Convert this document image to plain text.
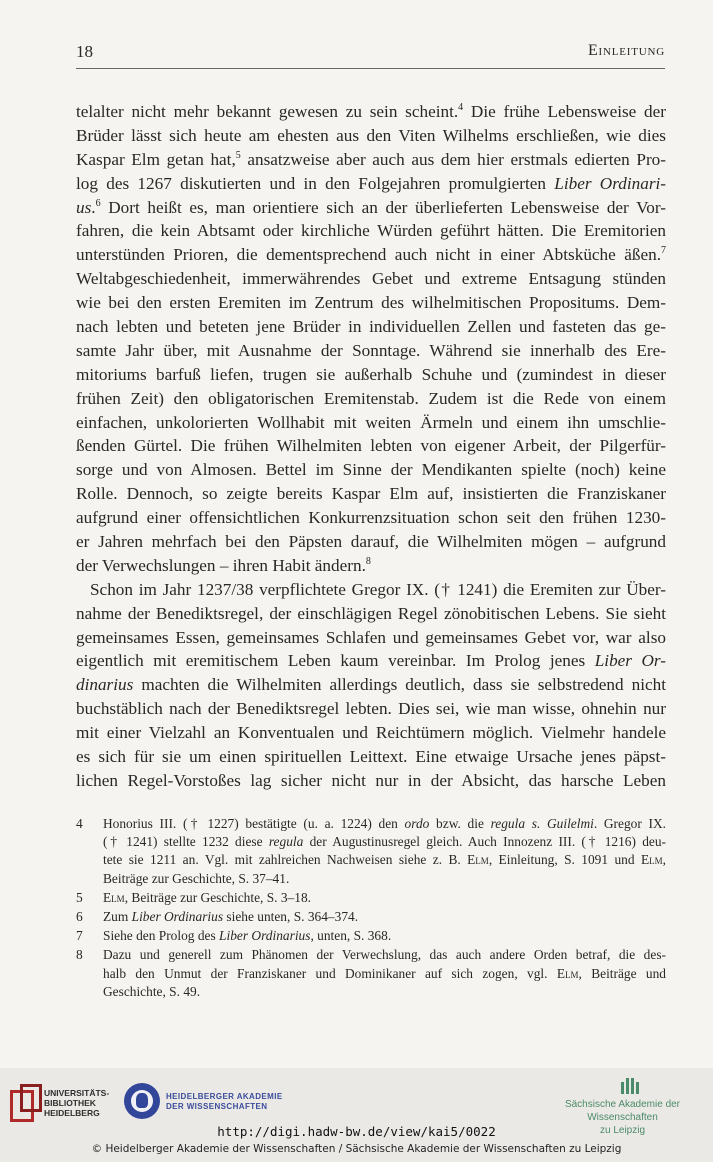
18	Einleitung
telalter nicht mehr bekannt gewesen zu sein scheint.$^4$ Die frühe Lebensweise der
Brüder lässt sich heute am ehesten aus den Viten Wilhelms erschließen, wie dies
Kaspar Elm getan hat,$^5$ ansatzweise aber auch aus dem hier erstmals edierten Pro-
log des 1267 diskutierten und in den Folgejahren promulgierten Liber Ordinari-
us.$^6$ Dort heißt es, man orientiere sich an der überlieferten Lebensweise der Vor-
fahren, die kein Abtsamt oder kirchliche Würden geführt hätten. Die Eremitorien
unterstünden Prioren, die dementsprechend auch nicht in einer Abtsküche äßen.$^7$
Weltabgeschiedenheit, immerwährendes Gebet und extreme Entsagung stünden
wie bei den ersten Eremiten im Zentrum des wilhelmitischen Propositums. Dem-
nach lebten und beteten jene Brüder in individuellen Zellen und fasteten das ge-
samte Jahr über, mit Ausnahme der Sonntage. Während sie innerhalb des Ere-
mitoriums barfuß liefen, trugen sie außerhalb Schuhe und (zumindest in dieser
frühen Zeit) den obligatorischen Eremitenstab. Zudem ist die Rede von einem
einfachen, unkolorierten Wollhabit mit weiten Ärmeln und einem ihn umschlie-
ßenden Gürtel. Die frühen Wilhelmiten lebten von eigener Arbeit, der Pilgerfür-
sorge und von Almosen. Bettel im Sinne der Mendikanten spielte (noch) keine
Rolle. Dennoch, so zeigte bereits Kaspar Elm auf, insistierten die Franziskaner
aufgrund einer offensichtlichen Konkurrenzsituation schon seit den frühen 1230-
er Jahren mehrfach bei den Päpsten darauf, die Wilhelmiten mögen – aufgrund
der Verwechslungen – ihren Habit ändern.$^8$
Schon im Jahr 1237/38 verpflichtete Gregor IX. († 1241) die Eremiten zur Über-
nahme der Benediktsregel, der einschlägigen Regel zönobitischen Lebens. Sie sieht
gemeinsames Essen, gemeinsames Schlafen und gemeinsames Gebet vor, war also
eigentlich mit eremitischem Leben kaum vereinbar. Im Prolog jenes Liber Or-
dinarius machten die Wilhelmiten allerdings deutlich, dass sie selbstredend nicht
buchstäblich nach der Benediktsregel lebten. Dies sei, wie man wisse, ohnehin nur
mit einer Vielzahl an Konventualen und Reichtümern möglich. Vielmehr handele
es sich für sie um einen spirituellen Leittext. Eine etwaige Ursache jenes päpst-
lichen Regel-Vorstoßes lag sicher nicht nur in der Absicht, das harsche Leben
4 Honorius III. († 1227) bestätigte (u. a. 1224) den ordo bzw. die regula s. Guilelmi. Gregor IX.
(† 1241) stellte 1232 diese regula der Augustinusregel gleich. Auch Innozenz III. († 1216) deu-
tete sie 1211 an. Vgl. mit zahlreichen Nachweisen siehe z. B. Elm, Einleitung, S. 1091 und Elm,
Beiträge zur Geschichte, S. 37–41.
5 Elm, Beiträge zur Geschichte, S. 3–18.
6 Zum Liber Ordinarius siehe unten, S. 364–374.
7 Siehe den Prolog des Liber Ordinarius, unten, S. 368.
8 Dazu und generell zum Phänomen der Verwechslung, das auch andere Orden betraf, die des-
halb den Unmut der Franziskaner und Dominikaner auf sich zogen, vgl. Elm, Beiträge und
Geschichte, S. 49.
UNIVERSITÄTS-
BIBLIOTHEK
HEIDELBERG
HEIDELBERGER AKADEMIE
DER WISSENSCHAFTEN	Sächsische Akademie der Wissenschaften
zu Leipzig
http://digi.hadw-bw.de/view/kai5/0022
© Heidelberger Akademie der Wissenschaften / Sächsische Akademie der Wissenschaften zu Leipzig
